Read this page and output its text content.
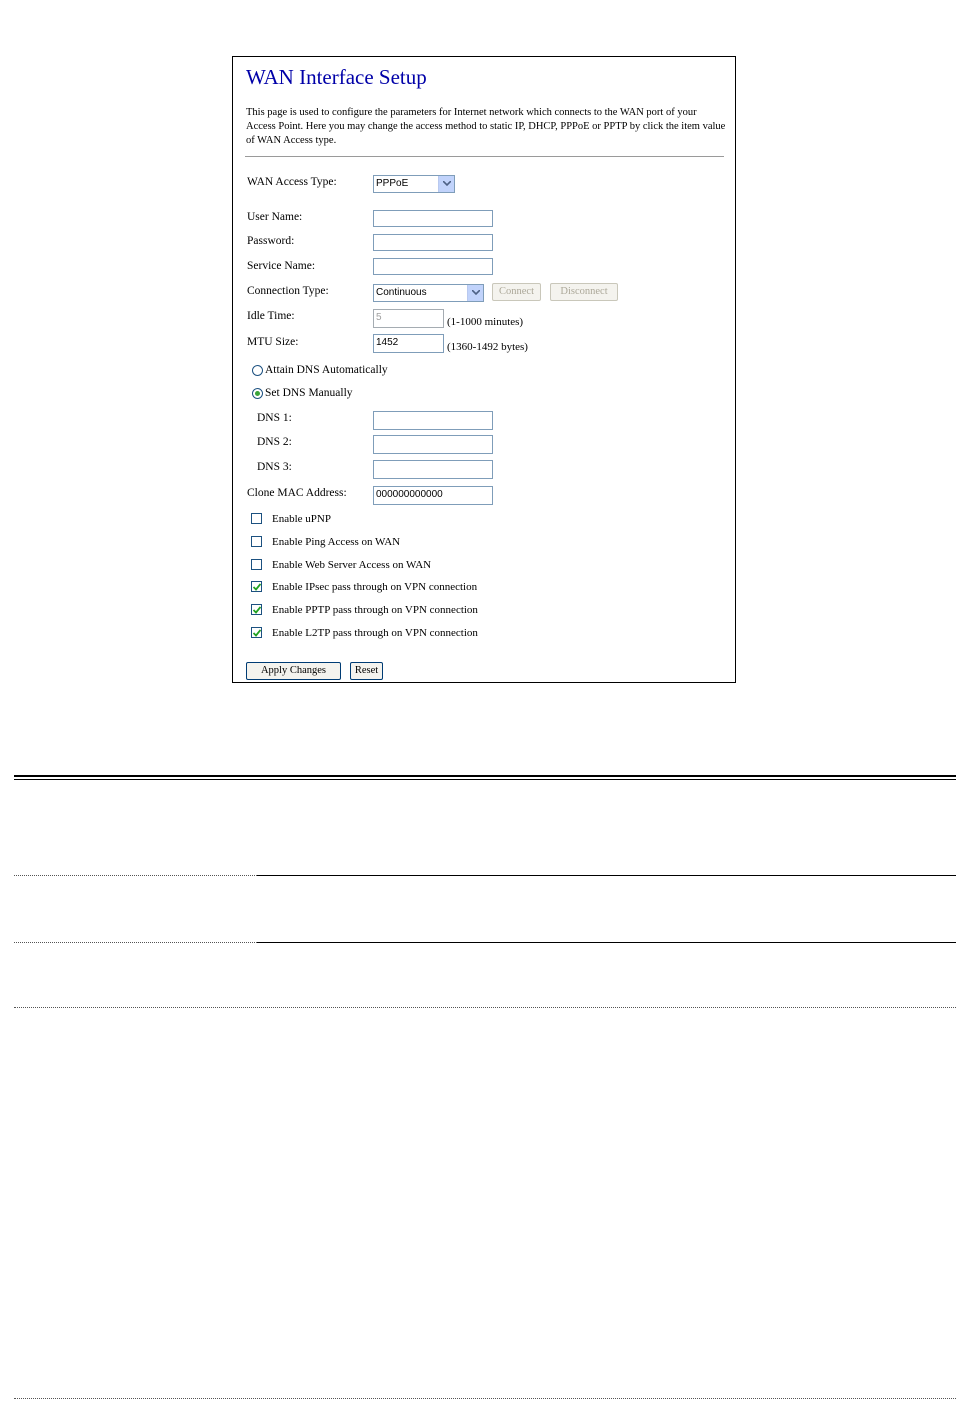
WAN Interface Setup
This page is used to configure the parameters for Internet network which connects to the WAN port of your Access Point. Here you may change the access method to static IP, DHCP, PPPoE or PPTP by click the item value of WAN Access type.
WAN Access Type:	PPPoE
User Name:
Password:
Service Name:
Connection Type:	Continuous	Connect	Disconnect
Idle Time:	5	(1-1000 minutes)
MTU Size:	1452	(1360-1492 bytes)
Attain DNS Automatically
Set DNS Manually
DNS 1:
DNS 2:
DNS 3:
Clone MAC Address:	000000000000
Enable uPNP
Enable Ping Access on WAN
Enable Web Server Access on WAN
Enable IPsec pass through on VPN connection
Enable PPTP pass through on VPN connection
Enable L2TP pass through on VPN connection
Apply Changes	Reset
